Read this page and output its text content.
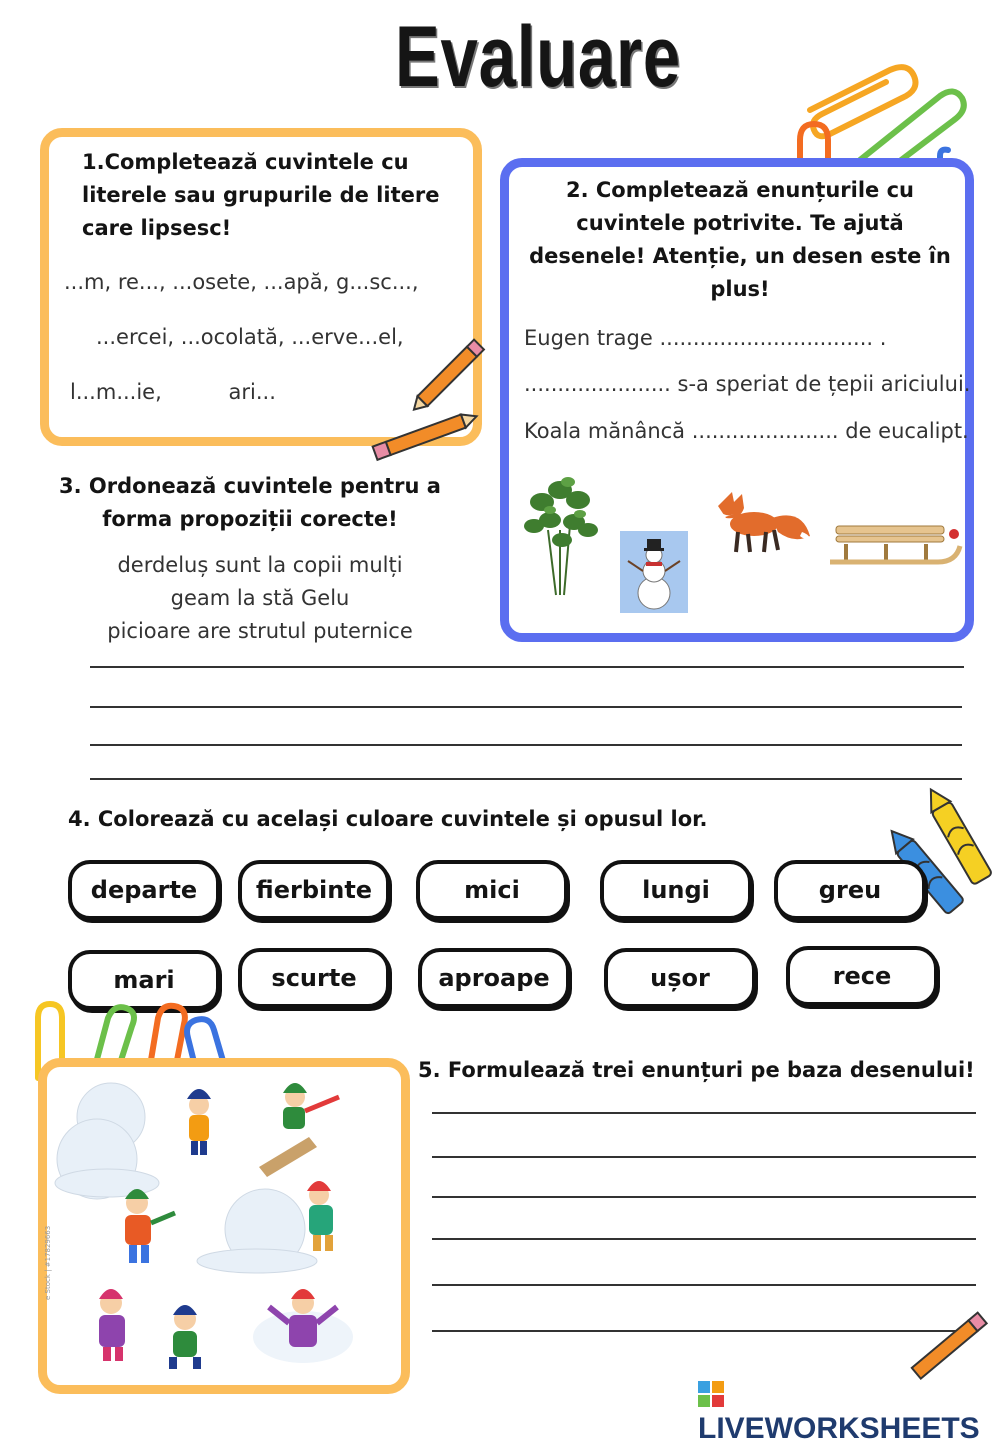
Evaluare
1.Completează cuvintele cu literele sau grupurile de litere care lipsesc!
...m, re..., ...osete, ...apă, g...sc...,
...ercei, ...ocolată, ...erve...el,
l...m...ie,          ari...
2. Completează enunțurile cu cuvintele potrivite. Te ajută desenele! Atenție, un desen este în plus!
Eugen trage ................................ .
...................... s-a speriat de țepii ariciului.
Koala mănâncă ...................... de eucalipt.
3. Ordonează cuvintele pentru a forma propoziții corecte!
derdeluș sunt la copii mulți
geam la stă Gelu
picioare are strutul puternice
4. Colorează cu același culoare cuvintele și opusul lor.
departe	fierbinte	mici	lungi	greu
mari	scurte	aproape	ușor	rece
e Stock | #17829663
5. Formulează trei enunțuri pe baza desenului!
LIVEWORKSHEETS
